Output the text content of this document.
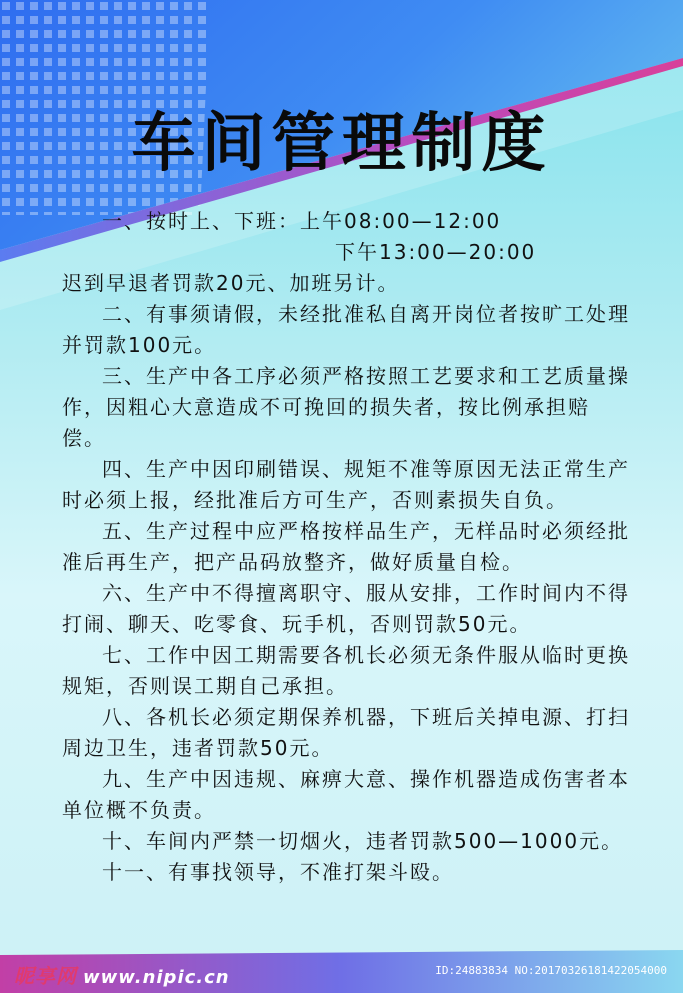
车间管理制度

一、按时上、下班：上午08:00—12:00

下午13:00—20:00

迟到早退者罚款20元、加班另计。

二、有事须请假，未经批准私自离开岗位者按旷工处理并罚款100元。

三、生产中各工序必须严格按照工艺要求和工艺质量操作，因粗心大意造成不可挽回的损失者，按比例承担赔偿。

四、生产中因印刷错误、规矩不准等原因无法正常生产时必须上报，经批准后方可生产，否则素损失自负。

五、生产过程中应严格按样品生产，无样品时必须经批准后再生产，把产品码放整齐，做好质量自检。

六、生产中不得擅离职守、服从安排，工作时间内不得打闹、聊天、吃零食、玩手机，否则罚款50元。

七、工作中因工期需要各机长必须无条件服从临时更换规矩，否则误工期自己承担。

八、各机长必须定期保养机器，下班后关掉电源、打扫周边卫生，违者罚款50元。

九、生产中因违规、麻痹大意、操作机器造成伤害者本单位概不负责。

十、车间内严禁一切烟火，违者罚款500—1000元。

十一、有事找领导，不准打架斗殴。

昵享网 www.nipic.cn	ID:24883834 NO:20170326181422054000
